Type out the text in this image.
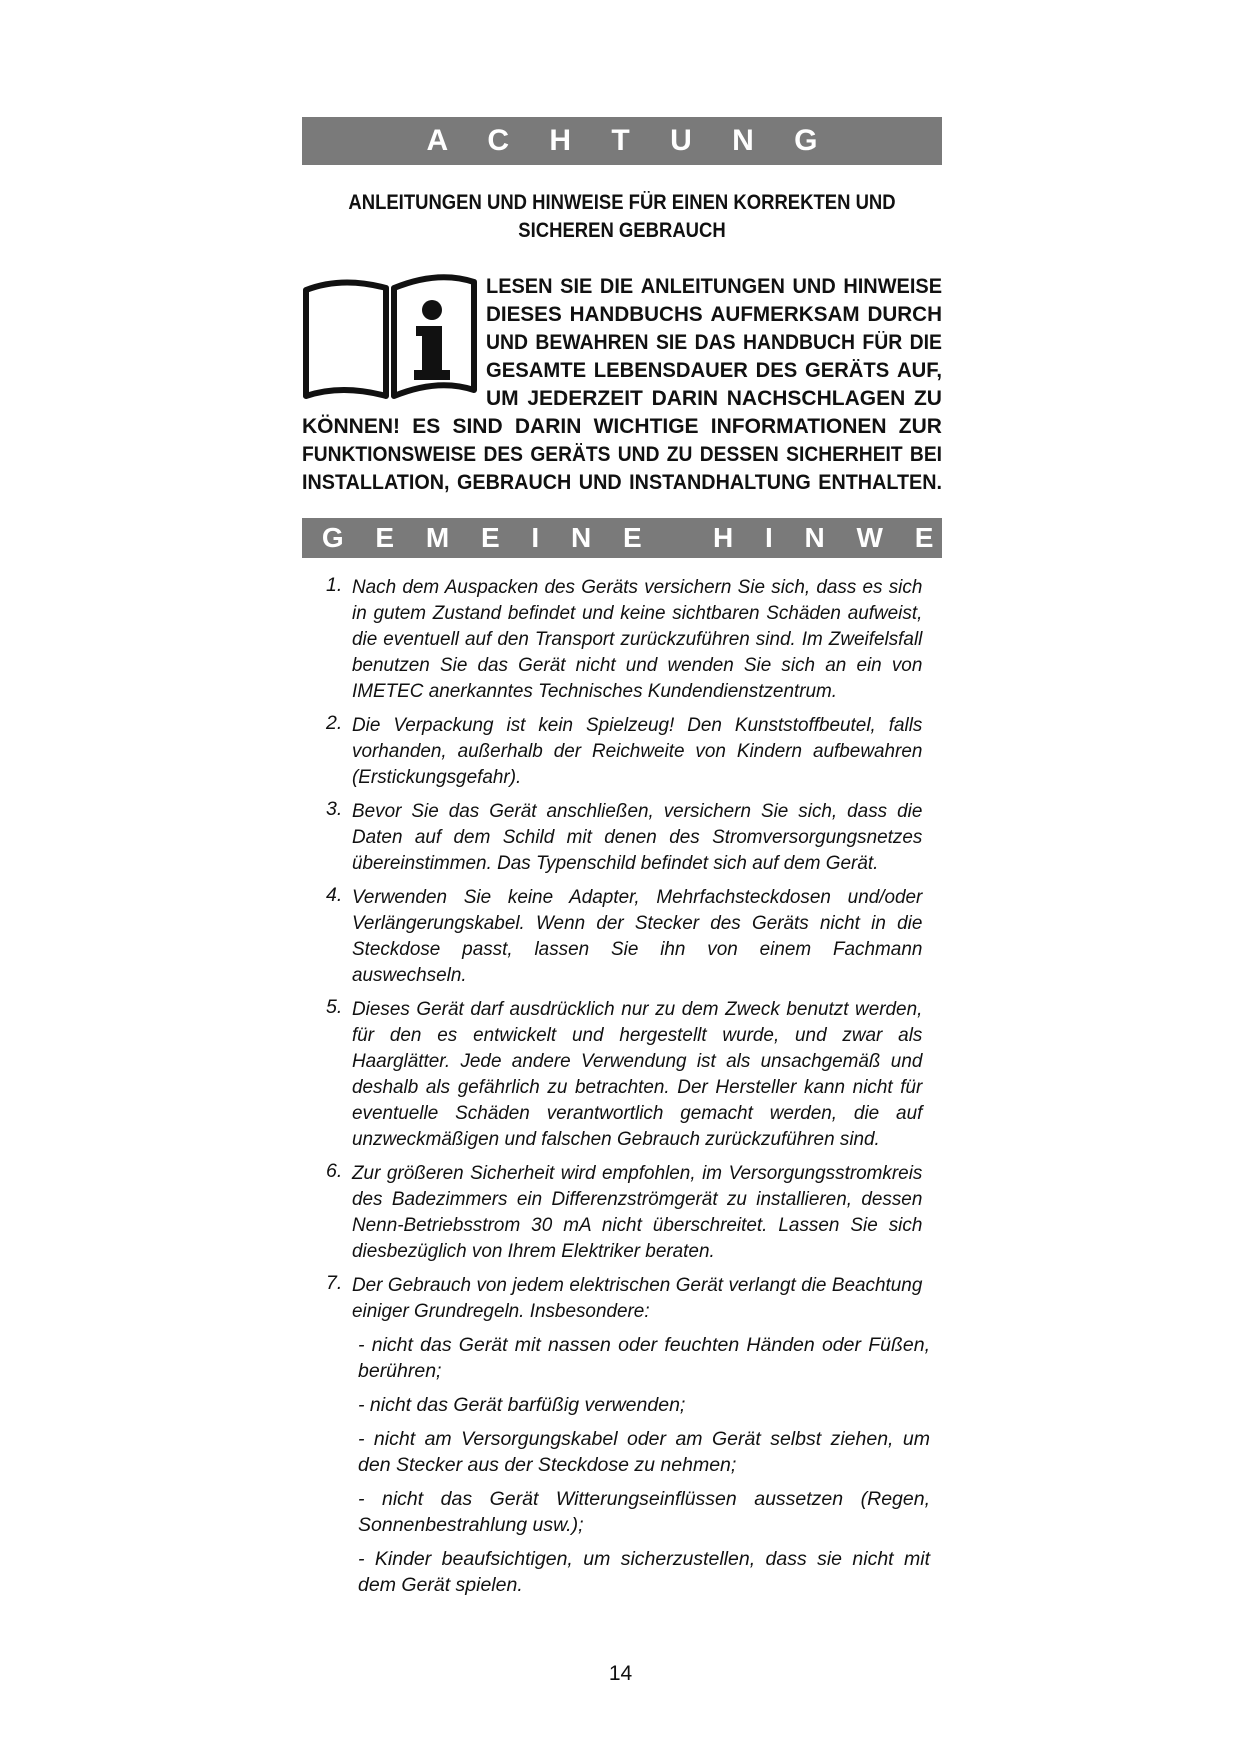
A C H T U N G
ANLEITUNGEN UND HINWEISE FÜR EINEN KORREKTEN UND
SICHEREN GEBRAUCH
LESEN SIE DIE ANLEITUNGEN UND HINWEISE
DIESES HANDBUCHS AUFMERKSAM DURCH
UND BEWAHREN SIE DAS HANDBUCH FÜR DIE
GESAMTE LEBENSDAUER DES GERÄTS AUF,
UM JEDERZEIT DARIN NACHSCHLAGEN ZU
KÖNNEN! ES SIND DARIN WICHTIGE INFORMATIONEN ZUR
FUNKTIONSWEISE DES GERÄTS UND ZU DESSEN SICHERHEIT BEI
INSTALLATION, GEBRAUCH UND INSTANDHALTUNG ENTHALTEN.
A L L G E M E I N E   H I N W E I S E
1. Nach dem Auspacken des Geräts versichern Sie sich, dass es sich in gutem Zustand befindet und keine sichtbaren Schäden aufweist, die eventuell auf den Transport zurückzuführen sind. Im Zweifelsfall benutzen Sie das Gerät nicht und wenden Sie sich an ein von IMETEC anerkanntes Technisches Kundendienstzentrum.
2. Die Verpackung ist kein Spielzeug! Den Kunststoffbeutel, falls vorhanden, außerhalb der Reichweite von Kindern aufbewahren (Erstickungsgefahr).
3. Bevor Sie das Gerät anschließen, versichern Sie sich, dass die Daten auf dem Schild mit denen des Stromversorgungsnetzes übereinstimmen. Das Typenschild befindet sich auf dem Gerät.
4. Verwenden Sie keine Adapter, Mehrfachsteckdosen und/oder Verlängerungskabel. Wenn der Stecker des Geräts nicht in die Steckdose passt, lassen Sie ihn von einem Fachmann auswechseln.
5. Dieses Gerät darf ausdrücklich nur zu dem Zweck benutzt werden, für den es entwickelt und hergestellt wurde, und zwar als Haarglätter. Jede andere Verwendung ist als unsachgemäß und deshalb als gefährlich zu betrachten. Der Hersteller kann nicht für eventuelle Schäden verantwortlich gemacht werden, die auf unzweckmäßigen und falschen Gebrauch zurückzuführen sind.
6. Zur größeren Sicherheit wird empfohlen, im Versorgungsstromkreis des Badezimmers ein Differenzströmgerät zu installieren, dessen Nenn-Betriebsstrom 30 mA nicht überschreitet. Lassen Sie sich diesbezüglich von Ihrem Elektriker beraten.
7. Der Gebrauch von jedem elektrischen Gerät verlangt die Beachtung einiger Grundregeln. Insbesondere:
- nicht das Gerät mit nassen oder feuchten Händen oder Füßen, berühren;
- nicht das Gerät barfüßig verwenden;
- nicht am Versorgungskabel oder am Gerät selbst ziehen, um den Stecker aus der Steckdose zu nehmen;
- nicht das Gerät Witterungseinflüssen aussetzen (Regen, Sonnenbestrahlung usw.);
- Kinder beaufsichtigen, um sicherzustellen, dass sie nicht mit dem Gerät spielen.
14
